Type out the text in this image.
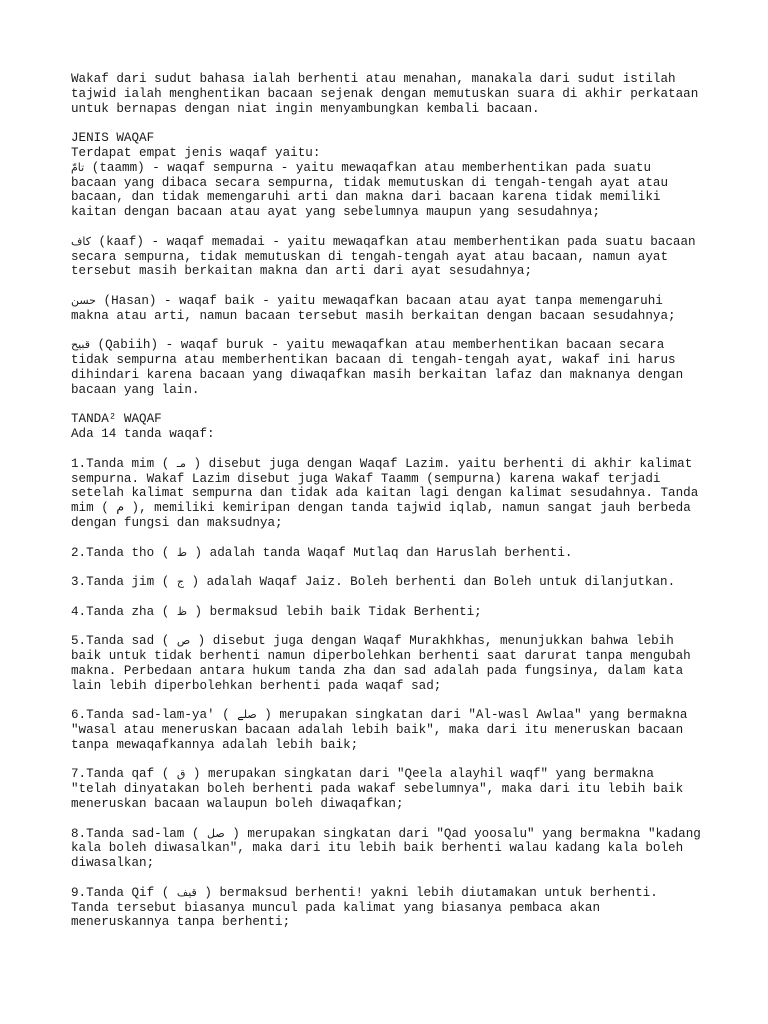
Wakaf dari sudut bahasa ialah berhenti atau menahan, manakala dari sudut istilah
tajwid ialah menghentikan bacaan sejenak dengan memutuskan suara di akhir perkataan
untuk bernapas dengan niat ingin menyambungkan kembali bacaan.
JENIS WAQAF
Terdapat empat jenis waqaf yaitu:
تامّ (taamm) - waqaf sempurna - yaitu mewaqafkan atau memberhentikan pada suatu
bacaan yang dibaca secara sempurna, tidak memutuskan di tengah-tengah ayat atau
bacaan, dan tidak memengaruhi arti dan makna dari bacaan karena tidak memiliki
kaitan dengan bacaan atau ayat yang sebelumnya maupun yang sesudahnya;
كاف (kaaf) - waqaf memadai - yaitu mewaqafkan atau memberhentikan pada suatu bacaan
secara sempurna, tidak memutuskan di tengah-tengah ayat atau bacaan, namun ayat
tersebut masih berkaitan makna dan arti dari ayat sesudahnya;
حسن (Hasan) - waqaf baik - yaitu mewaqafkan bacaan atau ayat tanpa memengaruhi
makna atau arti, namun bacaan tersebut masih berkaitan dengan bacaan sesudahnya;
قبيح (Qabiih) - waqaf buruk - yaitu mewaqafkan atau memberhentikan bacaan secara
tidak sempurna atau memberhentikan bacaan di tengah-tengah ayat, wakaf ini harus
dihindari karena bacaan yang diwaqafkan masih berkaitan lafaz dan maknanya dengan
bacaan yang lain.
TANDA² WAQAF
Ada 14 tanda waqaf:
1.Tanda mim ( مـ ) disebut juga dengan Waqaf Lazim. yaitu berhenti di akhir kalimat
sempurna. Wakaf Lazim disebut juga Wakaf Taamm (sempurna) karena wakaf terjadi
setelah kalimat sempurna dan tidak ada kaitan lagi dengan kalimat sesudahnya. Tanda
mim ( م ), memiliki kemiripan dengan tanda tajwid iqlab, namun sangat jauh berbeda
dengan fungsi dan maksudnya;
2.Tanda tho ( ط ) adalah tanda Waqaf Mutlaq dan Haruslah berhenti.
3.Tanda jim ( ج ) adalah Waqaf Jaiz. Boleh berhenti dan Boleh untuk dilanjutkan.
4.Tanda zha ( ظ ) bermaksud lebih baik Tidak Berhenti;
5.Tanda sad ( ص ) disebut juga dengan Waqaf Murakhkhas, menunjukkan bahwa lebih
baik untuk tidak berhenti namun diperbolehkan berhenti saat darurat tanpa mengubah
makna. Perbedaan antara hukum tanda zha dan sad adalah pada fungsinya, dalam kata
lain lebih diperbolehkan berhenti pada waqaf sad;
6.Tanda sad-lam-ya' ( صلے ) merupakan singkatan dari "Al-wasl Awlaa" yang bermakna
"wasal atau meneruskan bacaan adalah lebih baik", maka dari itu meneruskan bacaan
tanpa mewaqafkannya adalah lebih baik;
7.Tanda qaf ( ق ) merupakan singkatan dari "Qeela alayhil waqf" yang bermakna
"telah dinyatakan boleh berhenti pada wakaf sebelumnya", maka dari itu lebih baik
meneruskan bacaan walaupun boleh diwaqafkan;
8.Tanda sad-lam ( صل ) merupakan singkatan dari "Qad yoosalu" yang bermakna "kadang
kala boleh diwasalkan", maka dari itu lebih baik berhenti walau kadang kala boleh
diwasalkan;
9.Tanda Qif ( قيف ) bermaksud berhenti! yakni lebih diutamakan untuk berhenti.
Tanda tersebut biasanya muncul pada kalimat yang biasanya pembaca akan
meneruskannya tanpa berhenti;
